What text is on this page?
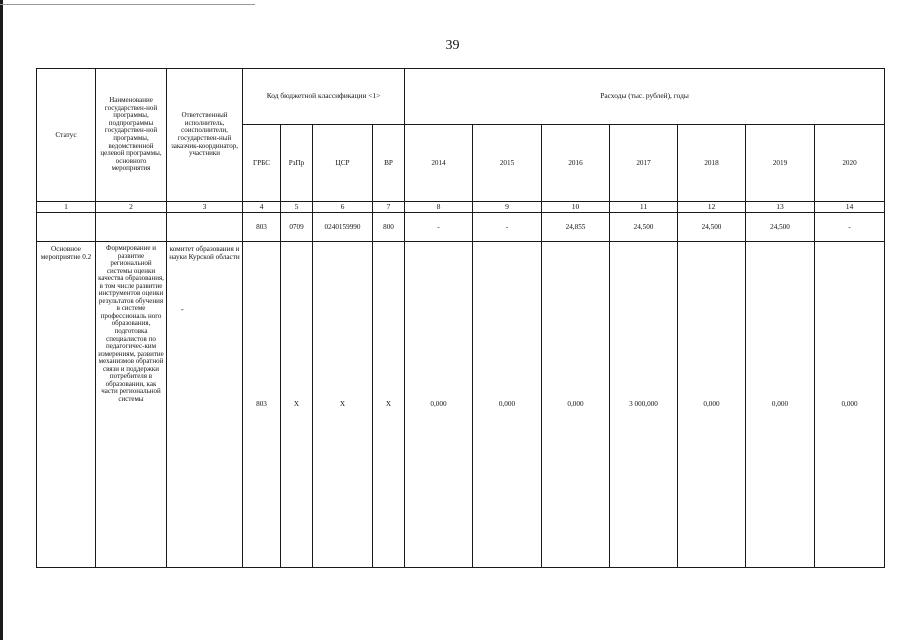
39
Статус	Наименование государствен-ной программы, подпрограммы государствен-ной программы, ведомственной целевой программы, основного мероприятия	Ответственный исполнитель, соисполнители, государствен-ный заказчик-координатор, участники	Код бюджетной классификации <1>				Расходы (тыс. рублей), годы						
			ГРБС	РзПр	ЦСР	ВР	2014	2015	2016	2017	2018	2019	2020
1	2	3	4	5	6	7	8	9	10	11	12	13	14
			803	0709	0240159990	800	-	-	24,855	24,500	24,500	24,500	-
Основное мероприятие 0.2	Формирование и развитие региональной системы оценки качества образования, в том числе развитие инструментов оценки результатов обучения в системе профессиональ ного образования, подготовка специалистов по педагогичес-ким измерениям, развитие механизмов обратной связи и поддержки потребителя в образовании, как части региональной системы	комитет образования и науки Курской области	803	X	X	X	0,000	0,000	0,000	3 000,000	0,000	0,000	0,000
-
